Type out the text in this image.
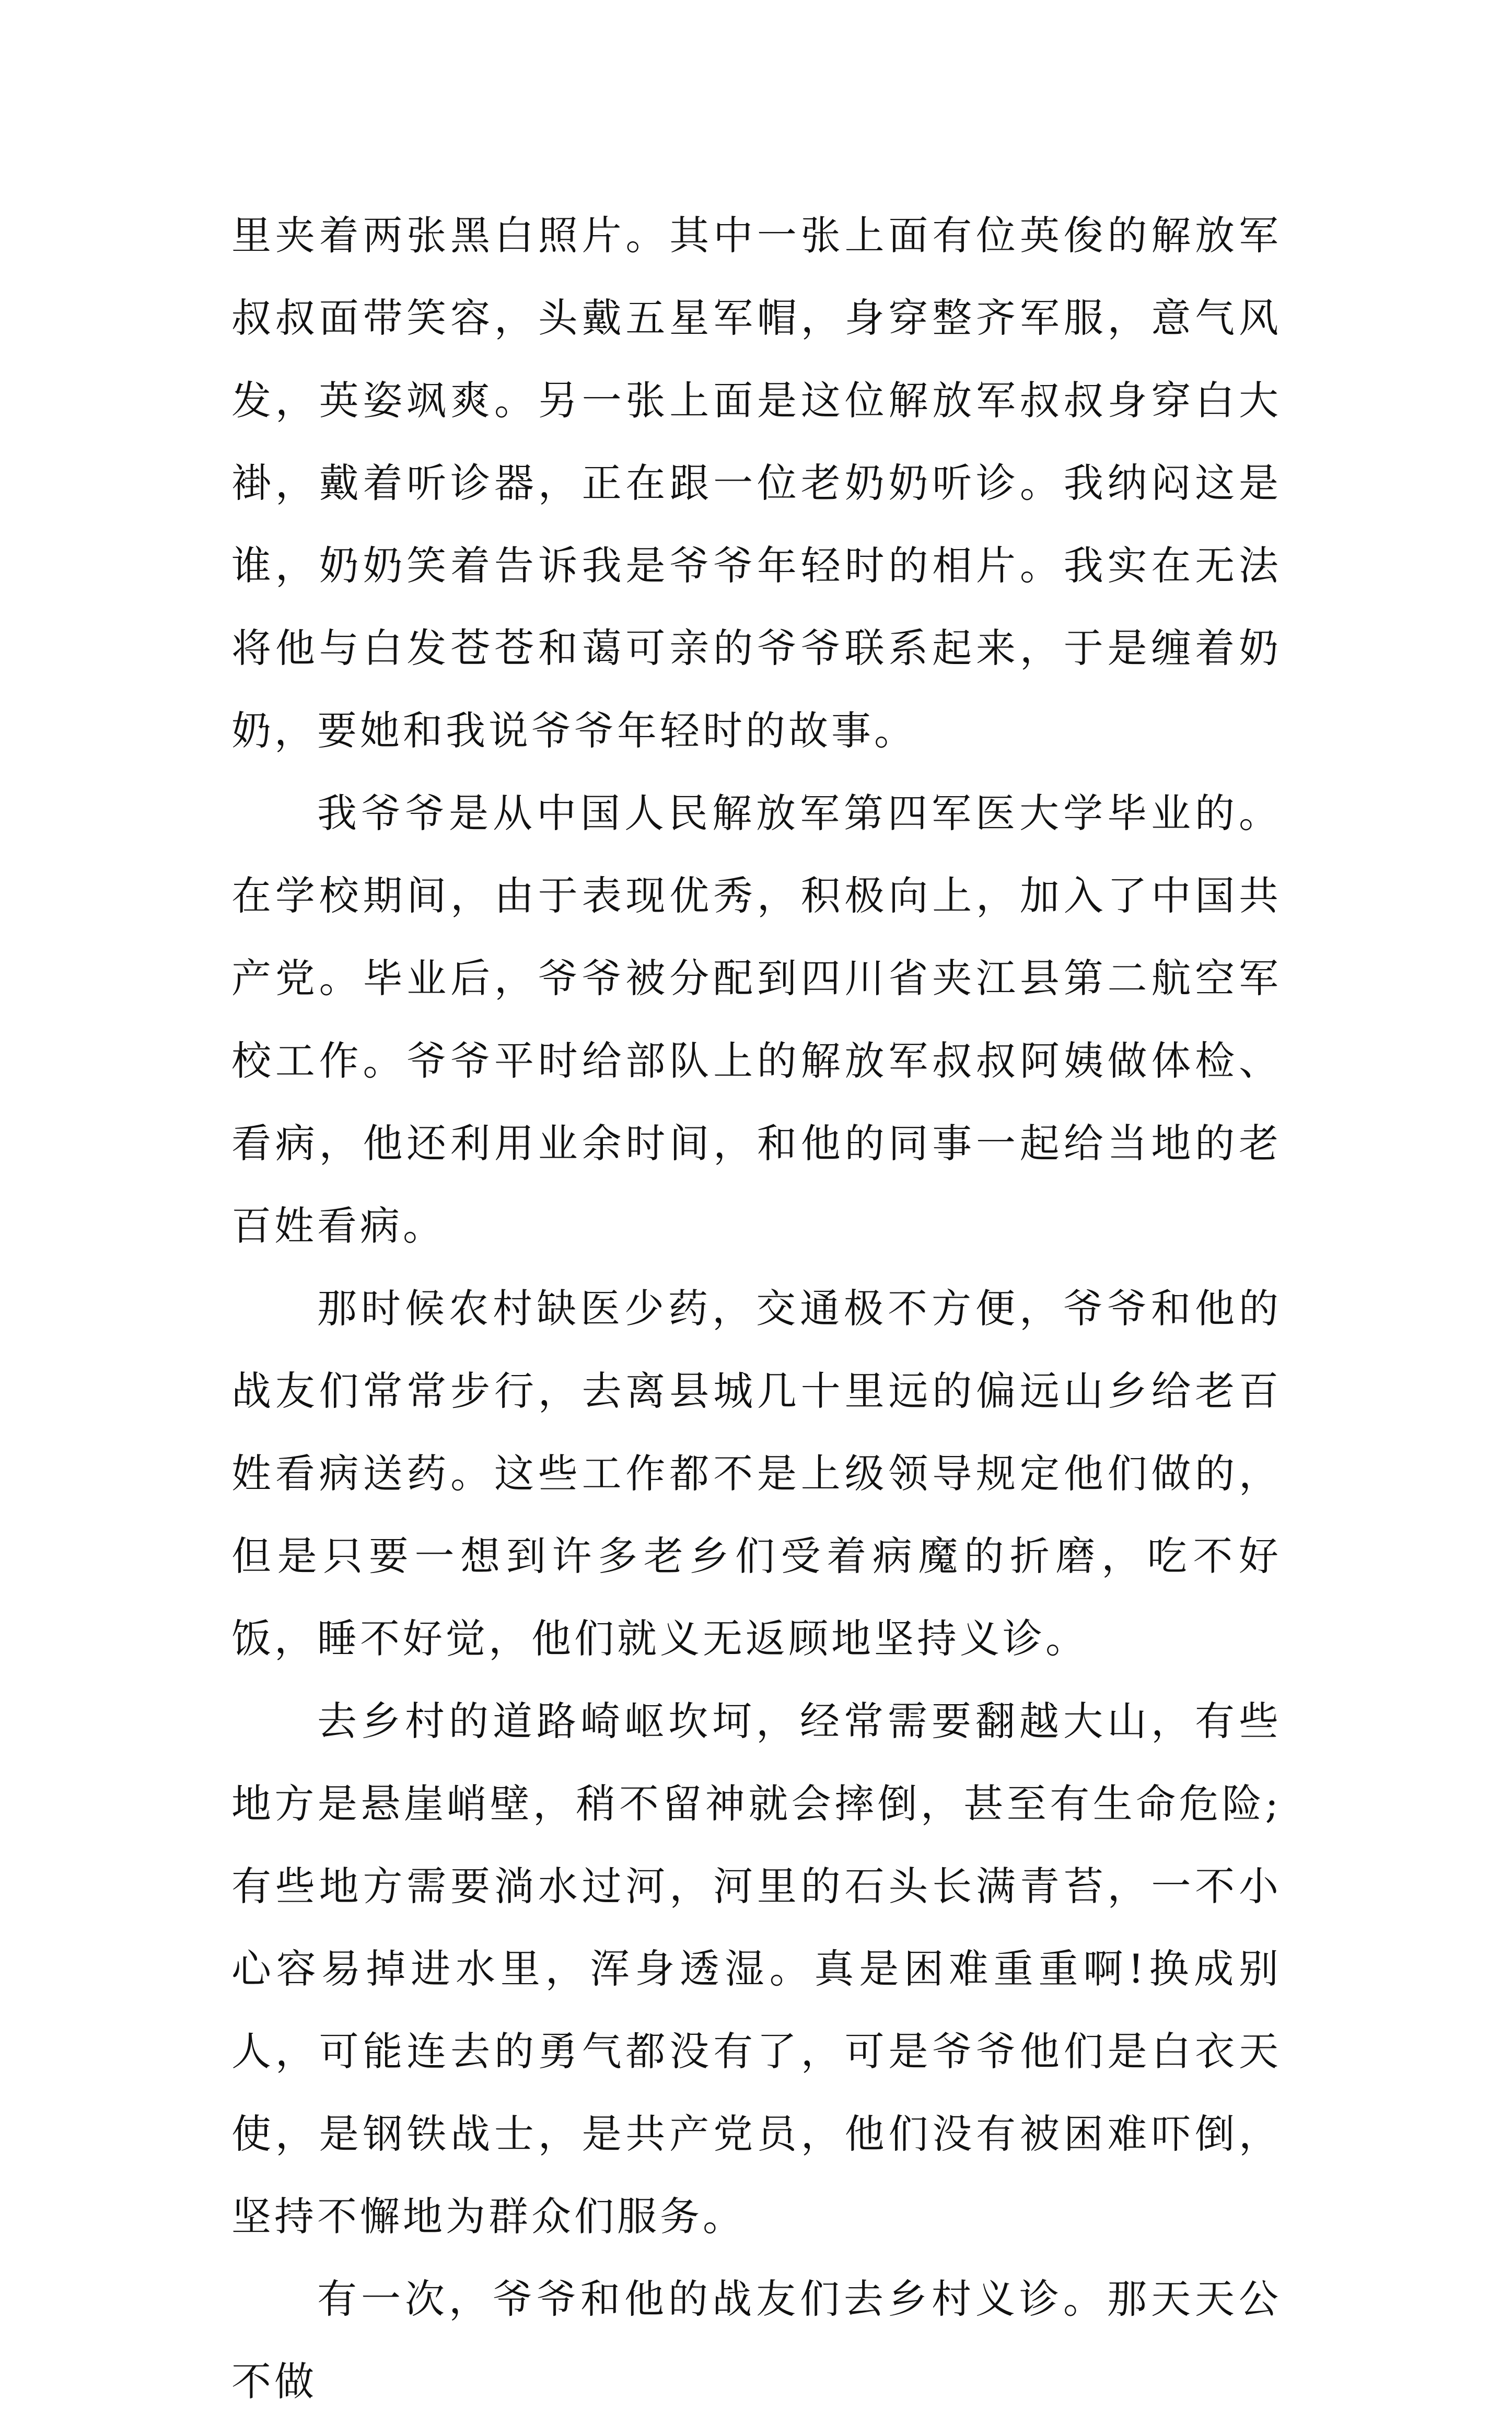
里夹着两张黑白照片。其中一张上面有位英俊的解放军叔叔面带笑容，头戴五星军帽，身穿整齐军服，意气风发，英姿飒爽。另一张上面是这位解放军叔叔身穿白大褂，戴着听诊器，正在跟一位老奶奶听诊。我纳闷这是谁，奶奶笑着告诉我是爷爷年轻时的相片。我实在无法将他与白发苍苍和蔼可亲的爷爷联系起来，于是缠着奶奶，要她和我说爷爷年轻时的故事。

我爷爷是从中国人民解放军第四军医大学毕业的。在学校期间，由于表现优秀，积极向上，加入了中国共产党。毕业后，爷爷被分配到四川省夹江县第二航空军校工作。爷爷平时给部队上的解放军叔叔阿姨做体检、看病，他还利用业余时间，和他的同事一起给当地的老百姓看病。

那时候农村缺医少药，交通极不方便，爷爷和他的战友们常常步行，去离县城几十里远的偏远山乡给老百姓看病送药。这些工作都不是上级领导规定他们做的，但是只要一想到许多老乡们受着病魔的折磨，吃不好饭，睡不好觉，他们就义无返顾地坚持义诊。

去乡村的道路崎岖坎坷，经常需要翻越大山，有些地方是悬崖峭壁，稍不留神就会摔倒，甚至有生命危险;有些地方需要淌水过河，河里的石头长满青苔，一不小心容易掉进水里，浑身透湿。真是困难重重啊!换成别人，可能连去的勇气都没有了，可是爷爷他们是白衣天使，是钢铁战士，是共产党员，他们没有被困难吓倒，坚持不懈地为群众们服务。

有一次，爷爷和他的战友们去乡村义诊。那天天公不做
